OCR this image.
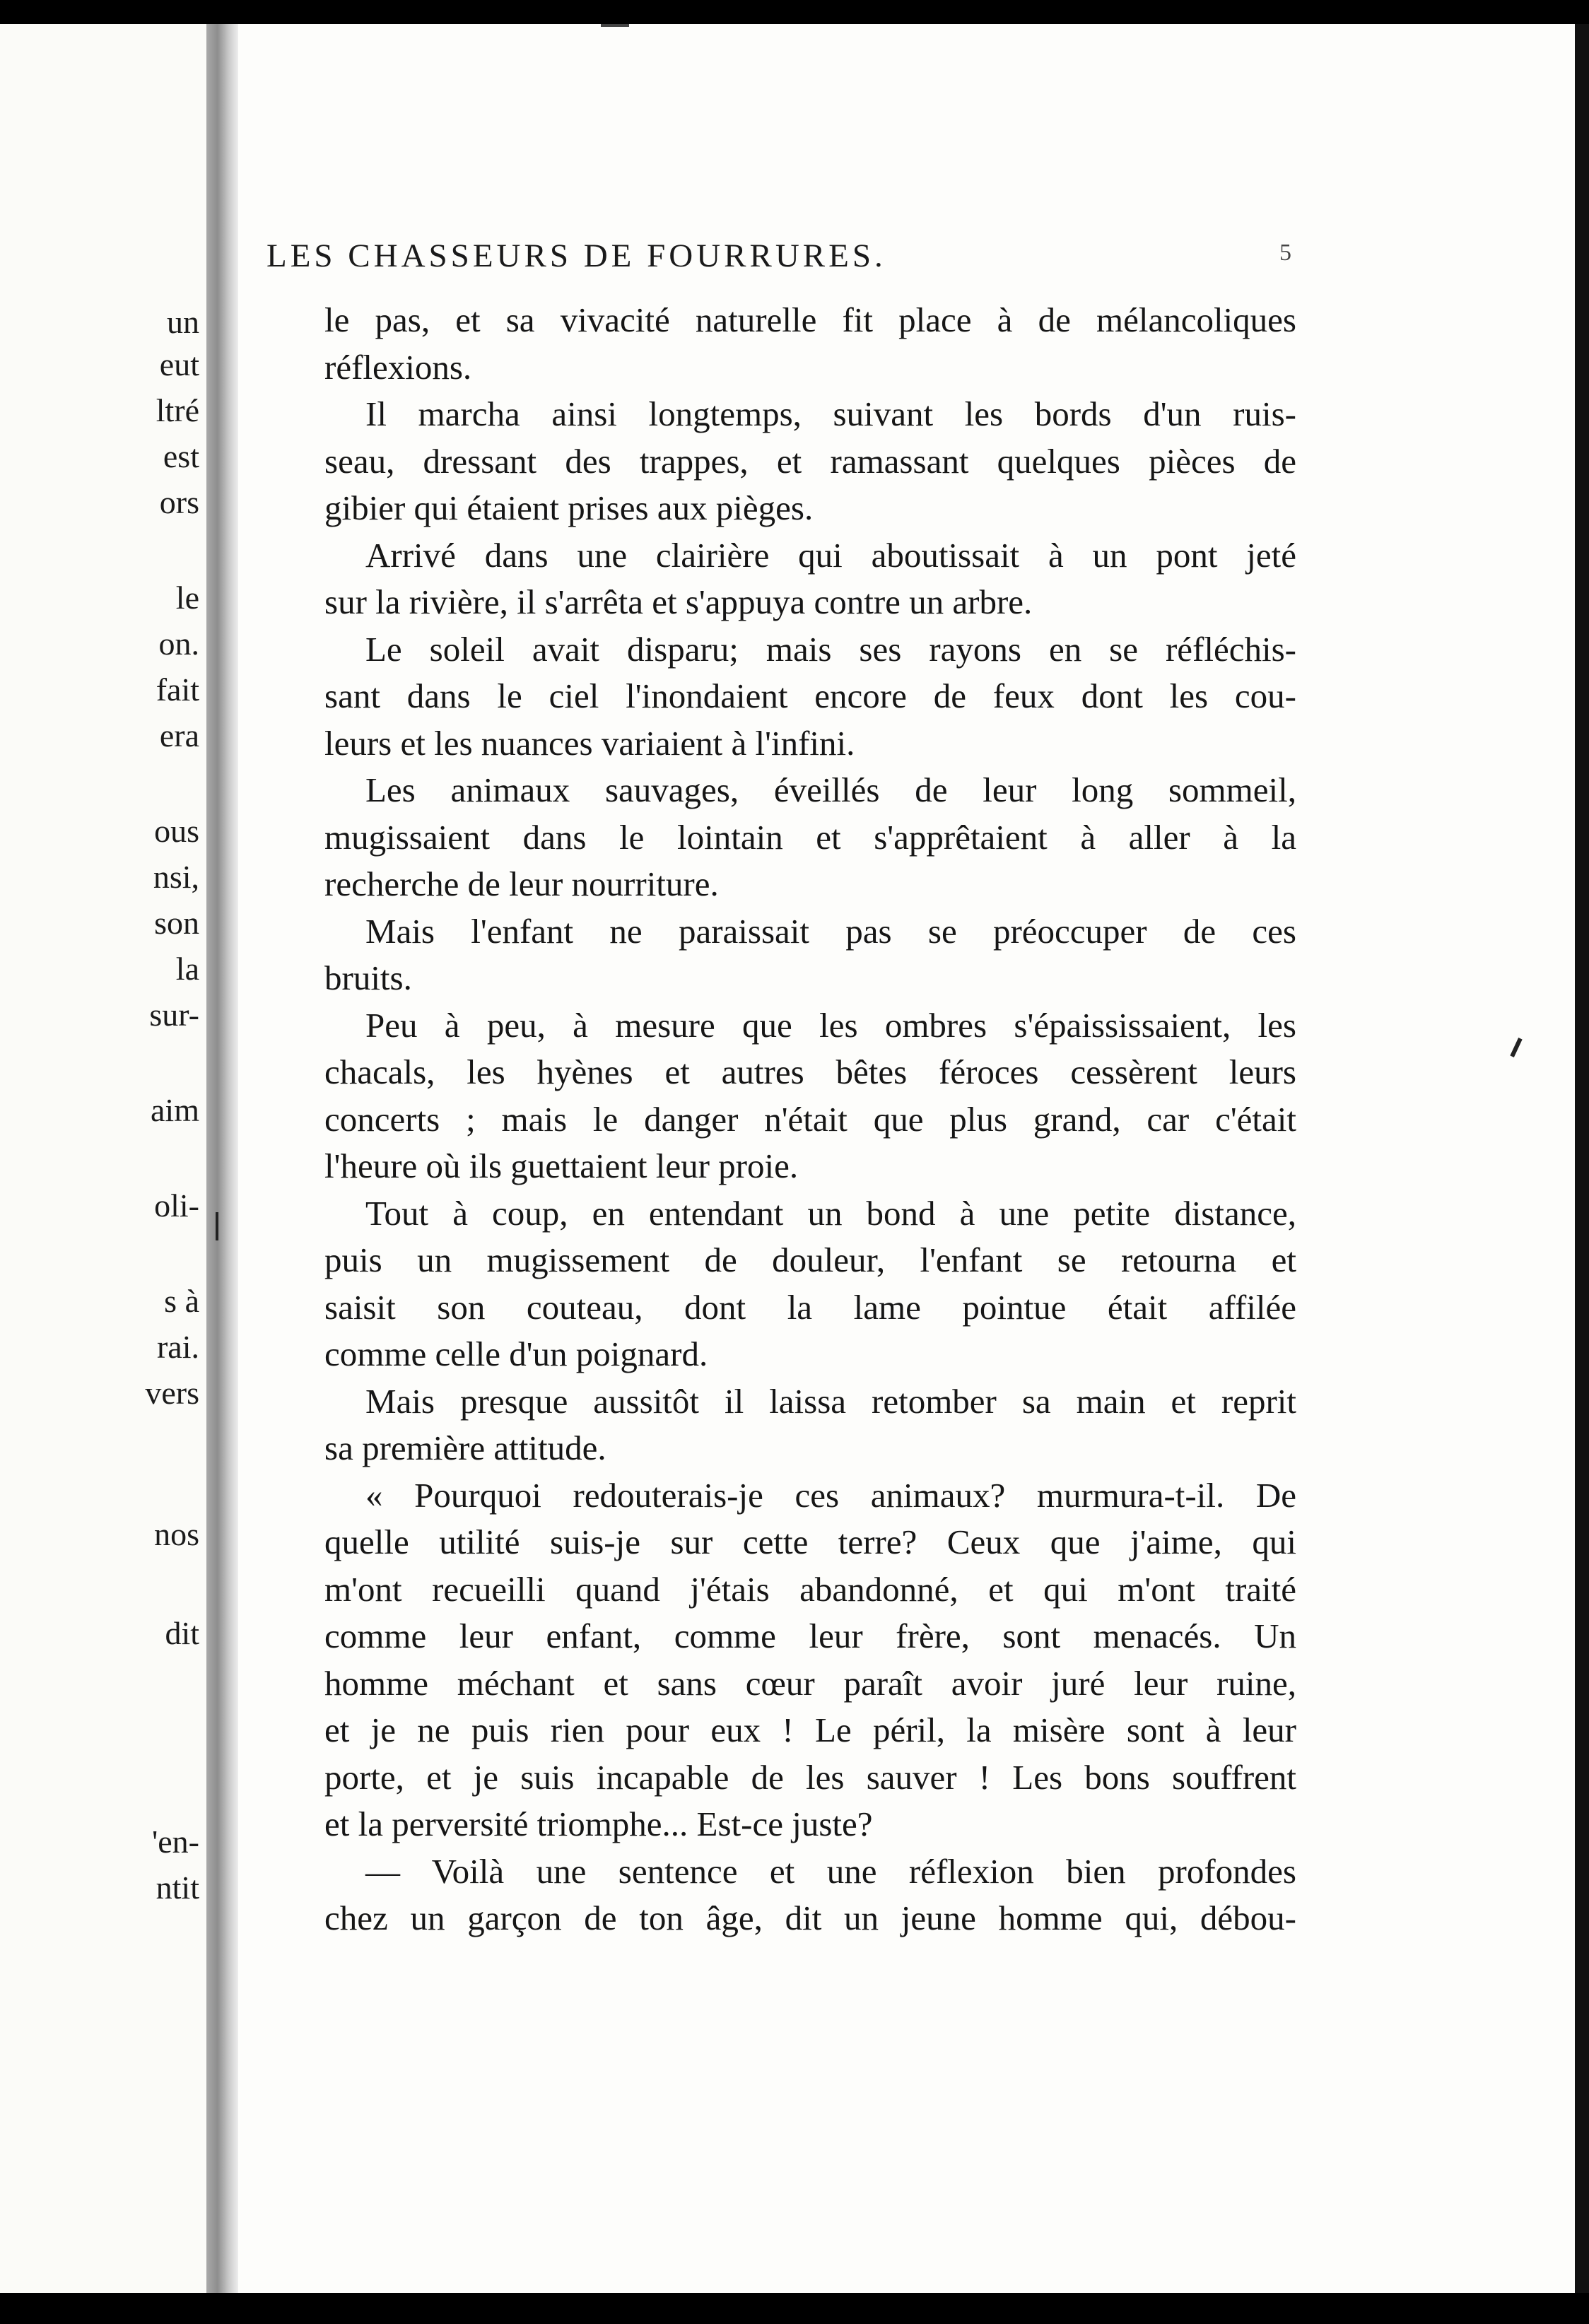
un
eut
ltré
est
ors
le
on.
fait
era
ous
nsi,
son
la
sur-
aim
oli-
s à
rai.
vers
nos
dit
'en-
ntit
LES CHASSEURS DE FOURRURES.	5
le pas, et sa vivacité naturelle fit place à de mélancoliques
réflexions.
Il marcha ainsi longtemps, suivant les bords d'un ruis-
seau, dressant des trappes, et ramassant quelques pièces de
gibier qui étaient prises aux pièges.
Arrivé dans une clairière qui aboutissait à un pont jeté
sur la rivière, il s'arrêta et s'appuya contre un arbre.
Le soleil avait disparu; mais ses rayons en se réfléchis-
sant dans le ciel l'inondaient encore de feux dont les cou-
leurs et les nuances variaient à l'infini.
Les animaux sauvages, éveillés de leur long sommeil,
mugissaient dans le lointain et s'apprêtaient à aller à la
recherche de leur nourriture.
Mais l'enfant ne paraissait pas se préoccuper de ces
bruits.
Peu à peu, à mesure que les ombres s'épaississaient, les
chacals, les hyènes et autres bêtes féroces cessèrent leurs
concerts ; mais le danger n'était que plus grand, car c'était
l'heure où ils guettaient leur proie.
Tout à coup, en entendant un bond à une petite distance,
puis un mugissement de douleur, l'enfant se retourna et
saisit son couteau, dont la lame pointue était affilée
comme celle d'un poignard.
Mais presque aussitôt il laissa retomber sa main et reprit
sa première attitude.
« Pourquoi redouterais-je ces animaux? murmura-t-il. De
quelle utilité suis-je sur cette terre? Ceux que j'aime, qui
m'ont recueilli quand j'étais abandonné, et qui m'ont traité
comme leur enfant, comme leur frère, sont menacés. Un
homme méchant et sans cœur paraît avoir juré leur ruine,
et je ne puis rien pour eux ! Le péril, la misère sont à leur
porte, et je suis incapable de les sauver ! Les bons souffrent
et la perversité triomphe... Est-ce juste?
— Voilà une sentence et une réflexion bien profondes
chez un garçon de ton âge, dit un jeune homme qui, débou-
